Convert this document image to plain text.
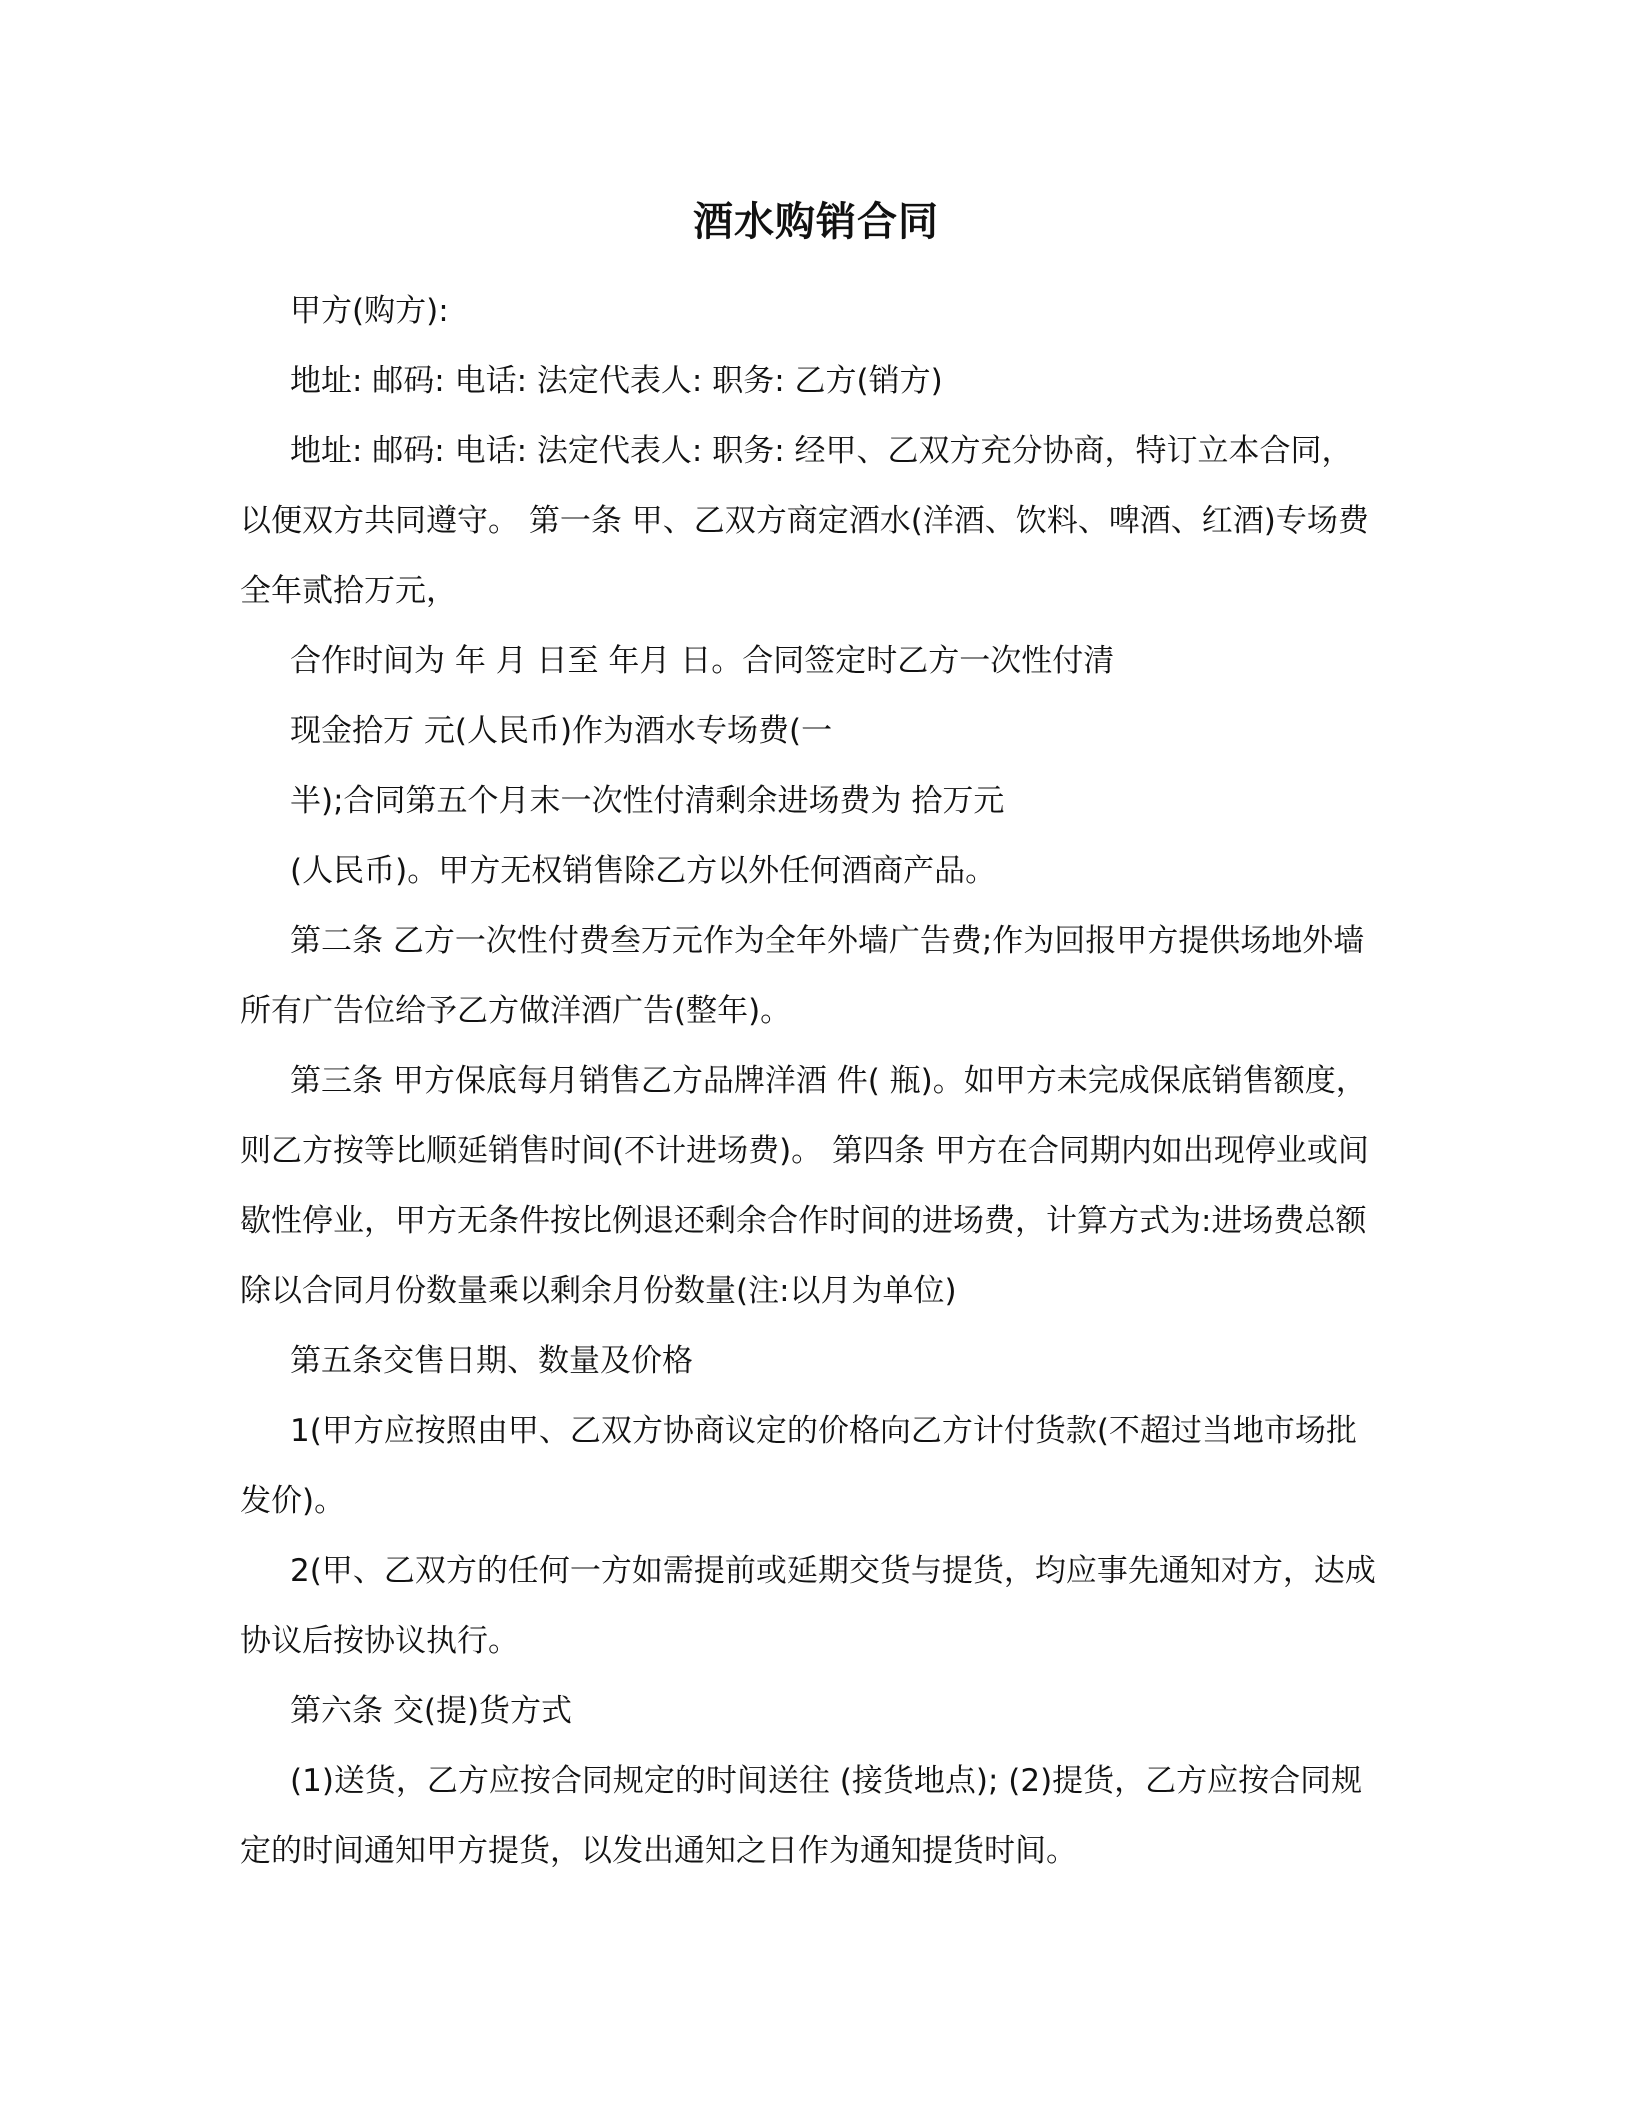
酒水购销合同

甲方(购方):

地址: 邮码: 电话: 法定代表人: 职务: 乙方(销方)

地址: 邮码: 电话: 法定代表人: 职务: 经甲、乙双方充分协商，特订立本合同，以便双方共同遵守。 第一条 甲、乙双方商定酒水(洋酒、饮料、啤酒、红酒)专场费全年贰拾万元，

合作时间为 年 月 日至 年月 日。合同签定时乙方一次性付清

现金拾万 元(人民币)作为酒水专场费(一

半);合同第五个月末一次性付清剩余进场费为 拾万元

(人民币)。甲方无权销售除乙方以外任何酒商产品。

第二条 乙方一次性付费叁万元作为全年外墙广告费;作为回报甲方提供场地外墙所有广告位给予乙方做洋酒广告(整年)。

第三条 甲方保底每月销售乙方品牌洋酒 件( 瓶)。如甲方未完成保底销售额度，则乙方按等比顺延销售时间(不计进场费)。 第四条 甲方在合同期内如出现停业或间歇性停业，甲方无条件按比例退还剩余合作时间的进场费，计算方式为:进场费总额除以合同月份数量乘以剩余月份数量(注:以月为单位)

第五条交售日期、数量及价格

1(甲方应按照由甲、乙双方协商议定的价格向乙方计付货款(不超过当地市场批发价)。

2(甲、乙双方的任何一方如需提前或延期交货与提货，均应事先通知对方，达成协议后按协议执行。

第六条 交(提)货方式

(1)送货，乙方应按合同规定的时间送往 (接货地点); (2)提货，乙方应按合同规定的时间通知甲方提货，以发出通知之日作为通知提货时间。
